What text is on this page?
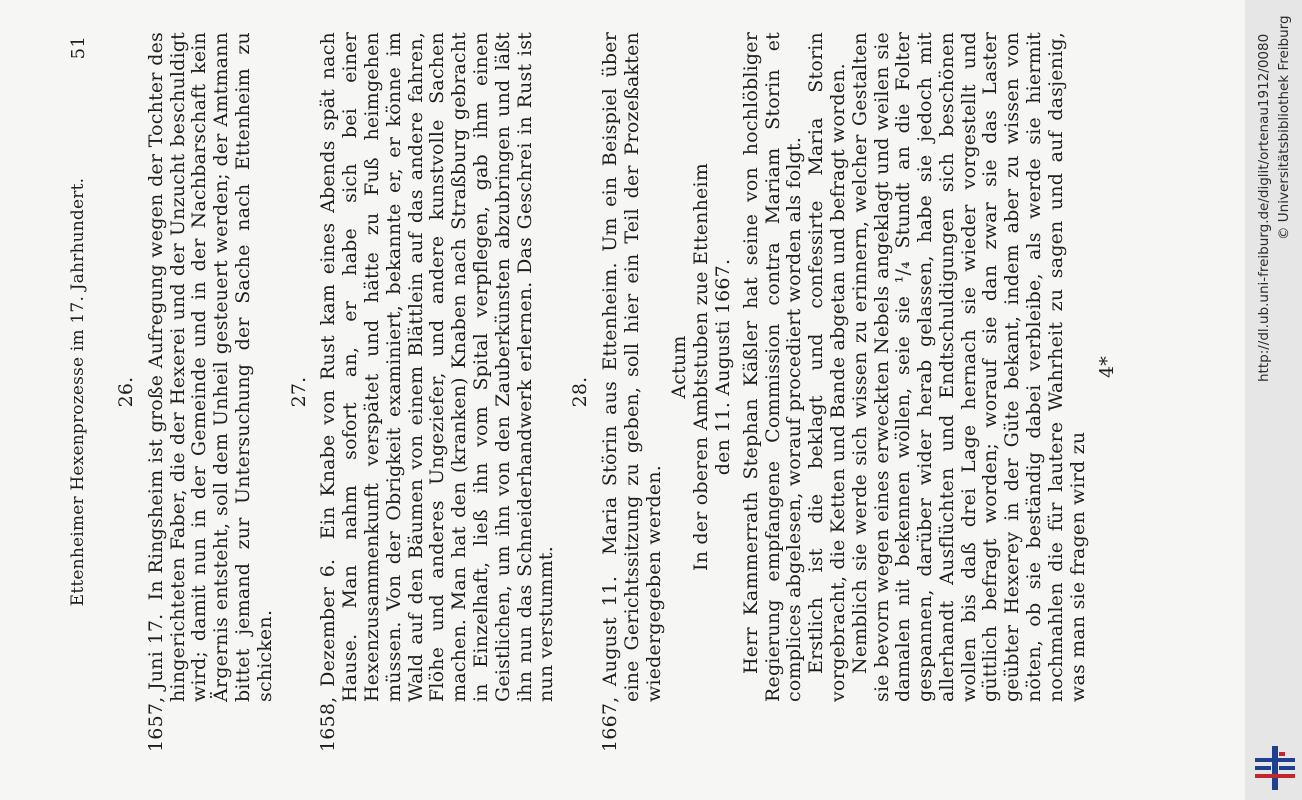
Ettenheimer Hexenprozesse im 17. Jahrhundert.
51
26.

1657, Juni 17.  In Ringsheim ist große Aufregung wegen der Tochter des hingerichteten Faber, die der Hexerei und der Unzucht beschuldigt wird; damit nun in der Gemeinde und in der Nachbarschaft kein Ärgernis entsteht, soll dem Unheil gesteuert werden; der Amtmann bittet jemand zur Untersuchung der Sache nach Ettenheim zu schicken.

27.

1658, Dezember 6.  Ein Knabe von Rust kam eines Abends spät nach Hause. Man nahm sofort an, er habe sich bei einer Hexenzusammenkunft verspätet und hätte zu Fuß heimgehen müssen. Von der Obrigkeit examiniert, bekannte er, er könne im Wald auf den Bäumen von einem Blättlein auf das andere fahren, Flöhe und anderes Ungeziefer, und andere kunstvolle Sachen machen. Man hat den (kranken) Knaben nach Straßburg gebracht in Einzelhaft, ließ ihn vom Spital verpflegen, gab ihm einen Geistlichen, um ihn von den Zauberkünsten abzubringen und läßt ihn nun das Schneiderhandwerk erlernen. Das Geschrei in Rust ist nun verstummt.

28.

1667, August 11.  Maria Störin aus Ettenheim. Um ein Beispiel über eine Gerichtssitzung zu geben, soll hier ein Teil der Prozeßakten wiedergegeben werden.

Actum In der oberen Ambtstuben zue Ettenheim den 11. Augusti 1667. Herr Kammerrath Stephan Käßler hat seine von hochlöbliger Regierung empfangene Commission contra Mariam Storin et complices abgelesen, worauf procediert worden als folgt. Erstlich ist die beklagt und confessirte Maria Storin vorgebracht, die Ketten und Bande abgetan und befragt worden. Nemblich sie werde sich wissen zu erinnern, welcher Gestalten sie bevorn wegen eines erweckten Nebels angeklagt und weilen sie damalen nit bekennen wöllen, seie sie ¹/₄ Stundt an die Folter gespannen, darüber wider herab gelassen, habe sie jedoch mit allerhandt Ausflüchten und Endtschuldigungen sich beschönen wollen bis daß drei Lage hernach sie wieder vorgestellt und güttlich befragt worden; worauf sie dan zwar sie das Laster geübter Hexerey in der Güte bekant, indem aber zu wissen von nöten, ob sie beständig dabei verbleibe, als werde sie hiermit nochmahlen die für lautere Wahrheit zu sagen und auf dasjenig, was man sie fragen wird zu

4*	http://dl.ub.uni-freiburg.de/diglit/ortenau1912/0080 © Universitätsbibliothek Freiburg
